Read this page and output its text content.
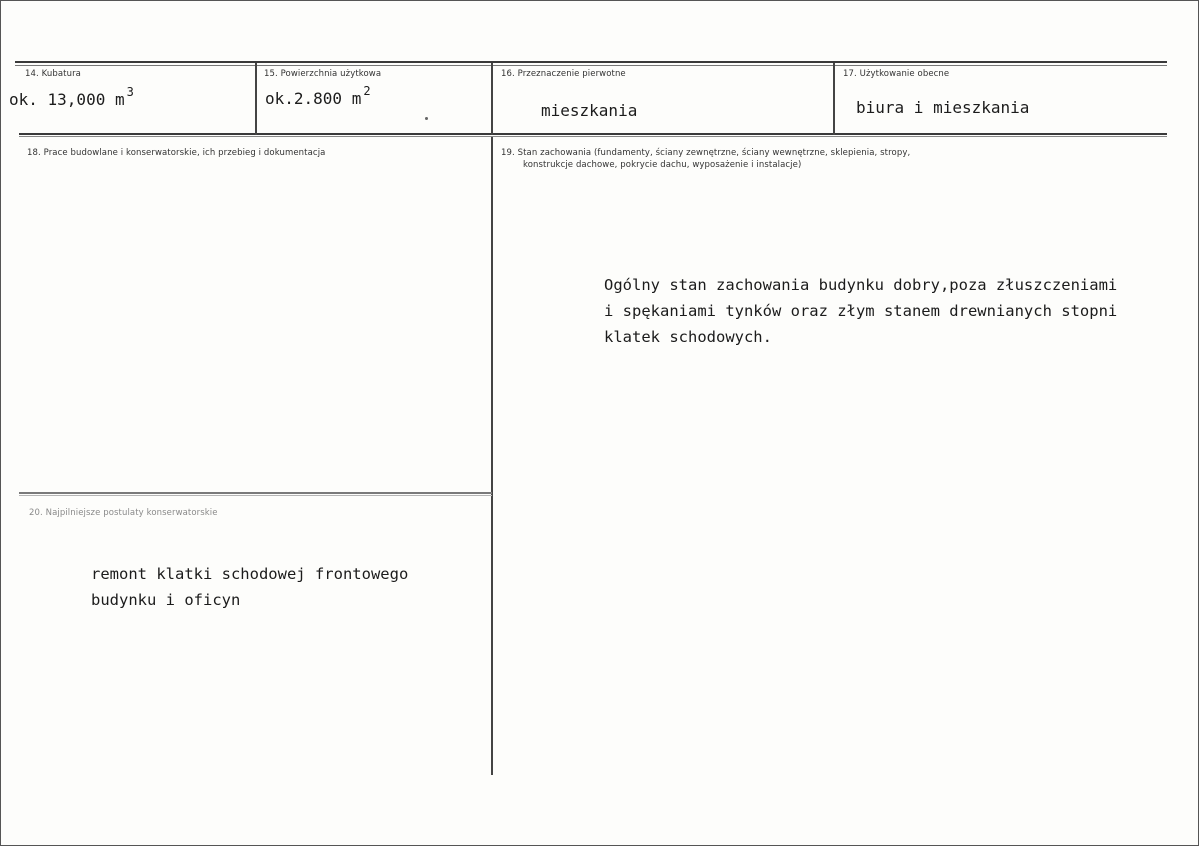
14. Kubatura
ok. 13,000 m $^3$
15. Powierzchnia użytkowa
ok.2.800 m $^2$
16. Przeznaczenie pierwotne
mieszkania
17. Użytkowanie obecne
biura i mieszkania
18. Prace budowlane i konserwatorskie, ich przebieg i dokumentacja	19. Stan zachowania (fundamenty, ściany zewnętrzne, ściany wewnętrzne, sklepienia, stropy,
konstrukcje dachowe, pokrycie dachu, wyposażenie i instalacje)
Ogólny stan zachowania budynku dobry,poza złuszczeniami
i spękaniami tynków oraz złym stanem drewnianych stopni
klatek schodowych.
20. Najpilniejsze postulaty konserwatorskie
remont klatki schodowej frontowego
budynku i oficyn
